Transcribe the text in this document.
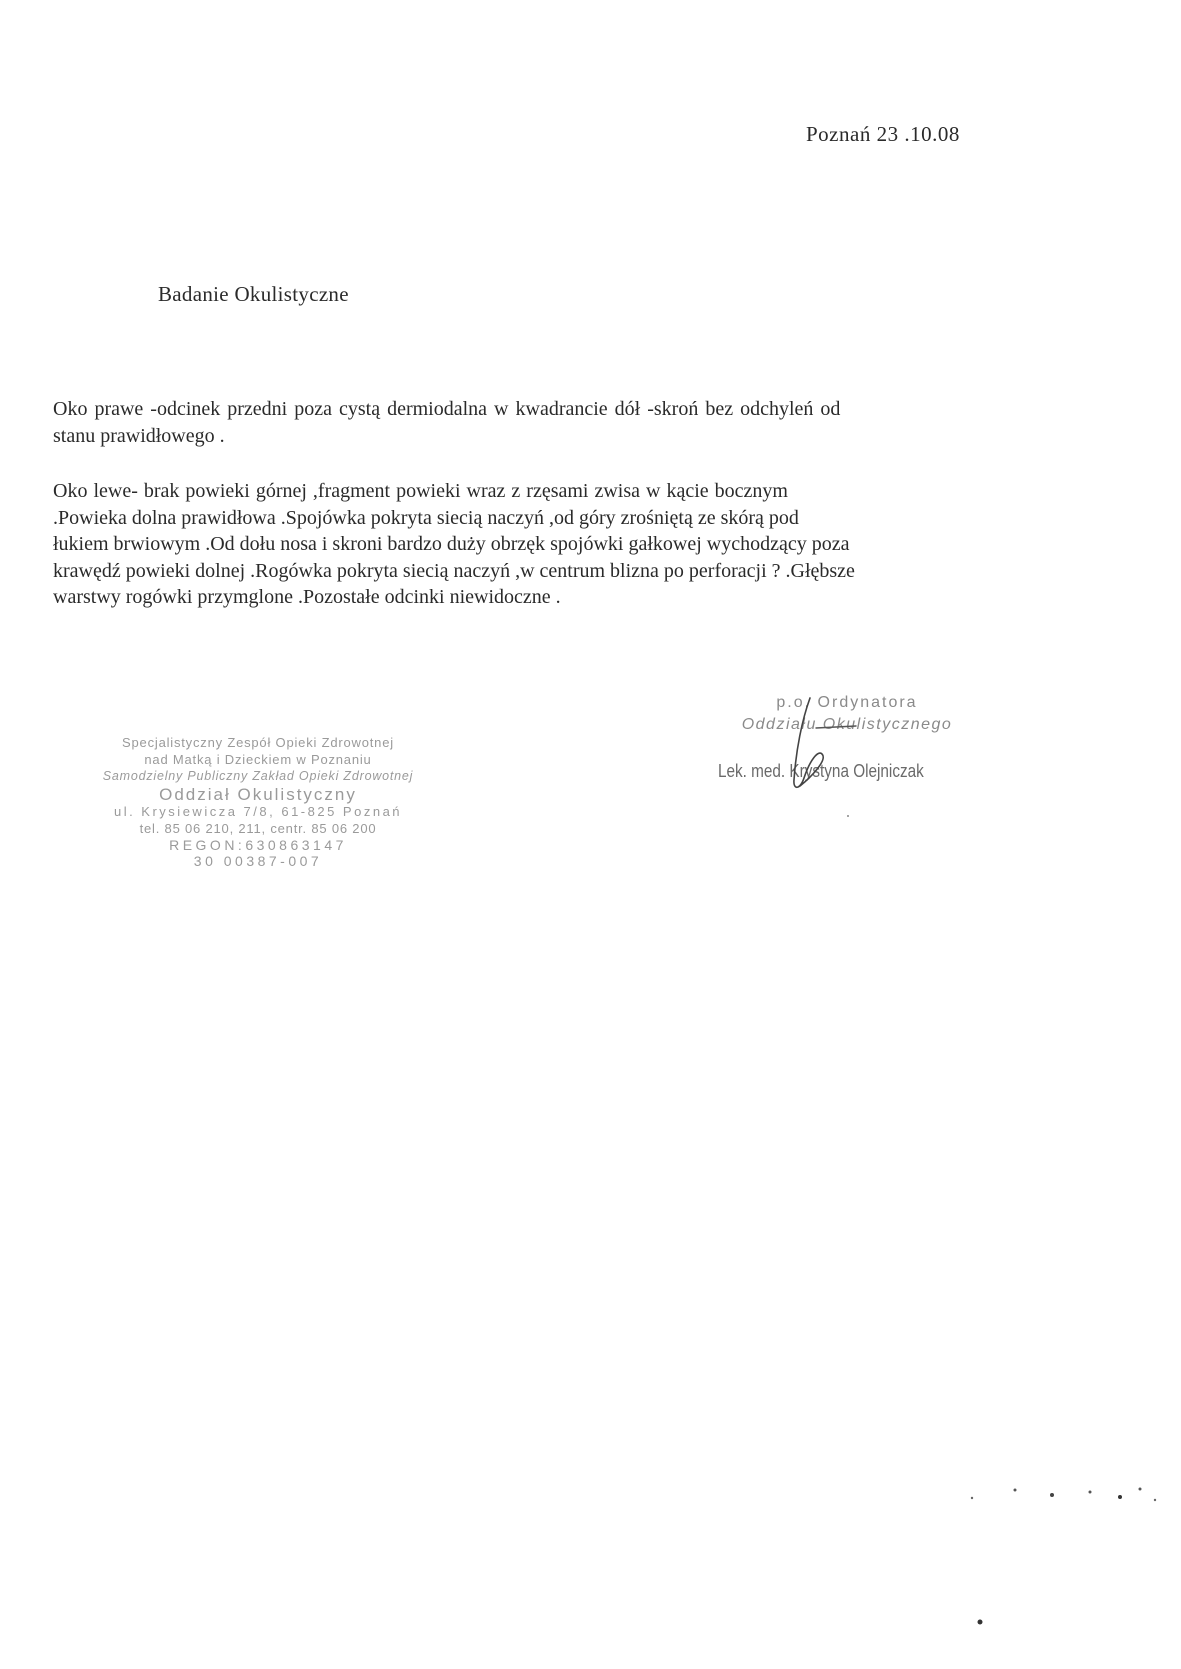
Poznań 23 .10.08
Badanie Okulistyczne
Oko prawe -odcinek przedni poza cystą dermiodalna w kwadrancie dół -skroń bez odchyleń od
stanu prawidłowego .
Oko lewe- brak powieki górnej ,fragment powieki wraz z rzęsami zwisa w kącie bocznym
.Powieka dolna prawidłowa .Spojówka pokryta siecią naczyń ,od góry zrośniętą ze skórą pod
łukiem brwiowym .Od dołu nosa i skroni bardzo duży obrzęk spojówki gałkowej wychodzący poza
krawędź powieki dolnej .Rogówka pokryta siecią naczyń ,w centrum blizna po perforacji ? .Głębsze
warstwy rogówki przymglone .Pozostałe odcinki niewidoczne .
Specjalistyczny Zespół Opieki Zdrowotnej
nad Matką i Dzieckiem w Poznaniu
Samodzielny Publiczny Zakład Opieki Zdrowotnej
Oddział Okulistyczny
ul. Krysiewicza 7/8, 61-825 Poznań
tel. 85 06 210, 211, centr. 85 06 200
REGON:630863147
30 00387-007
p.o. Ordynatora
Oddziału Okulistycznego
Lek. med. Krystyna Olejniczak
